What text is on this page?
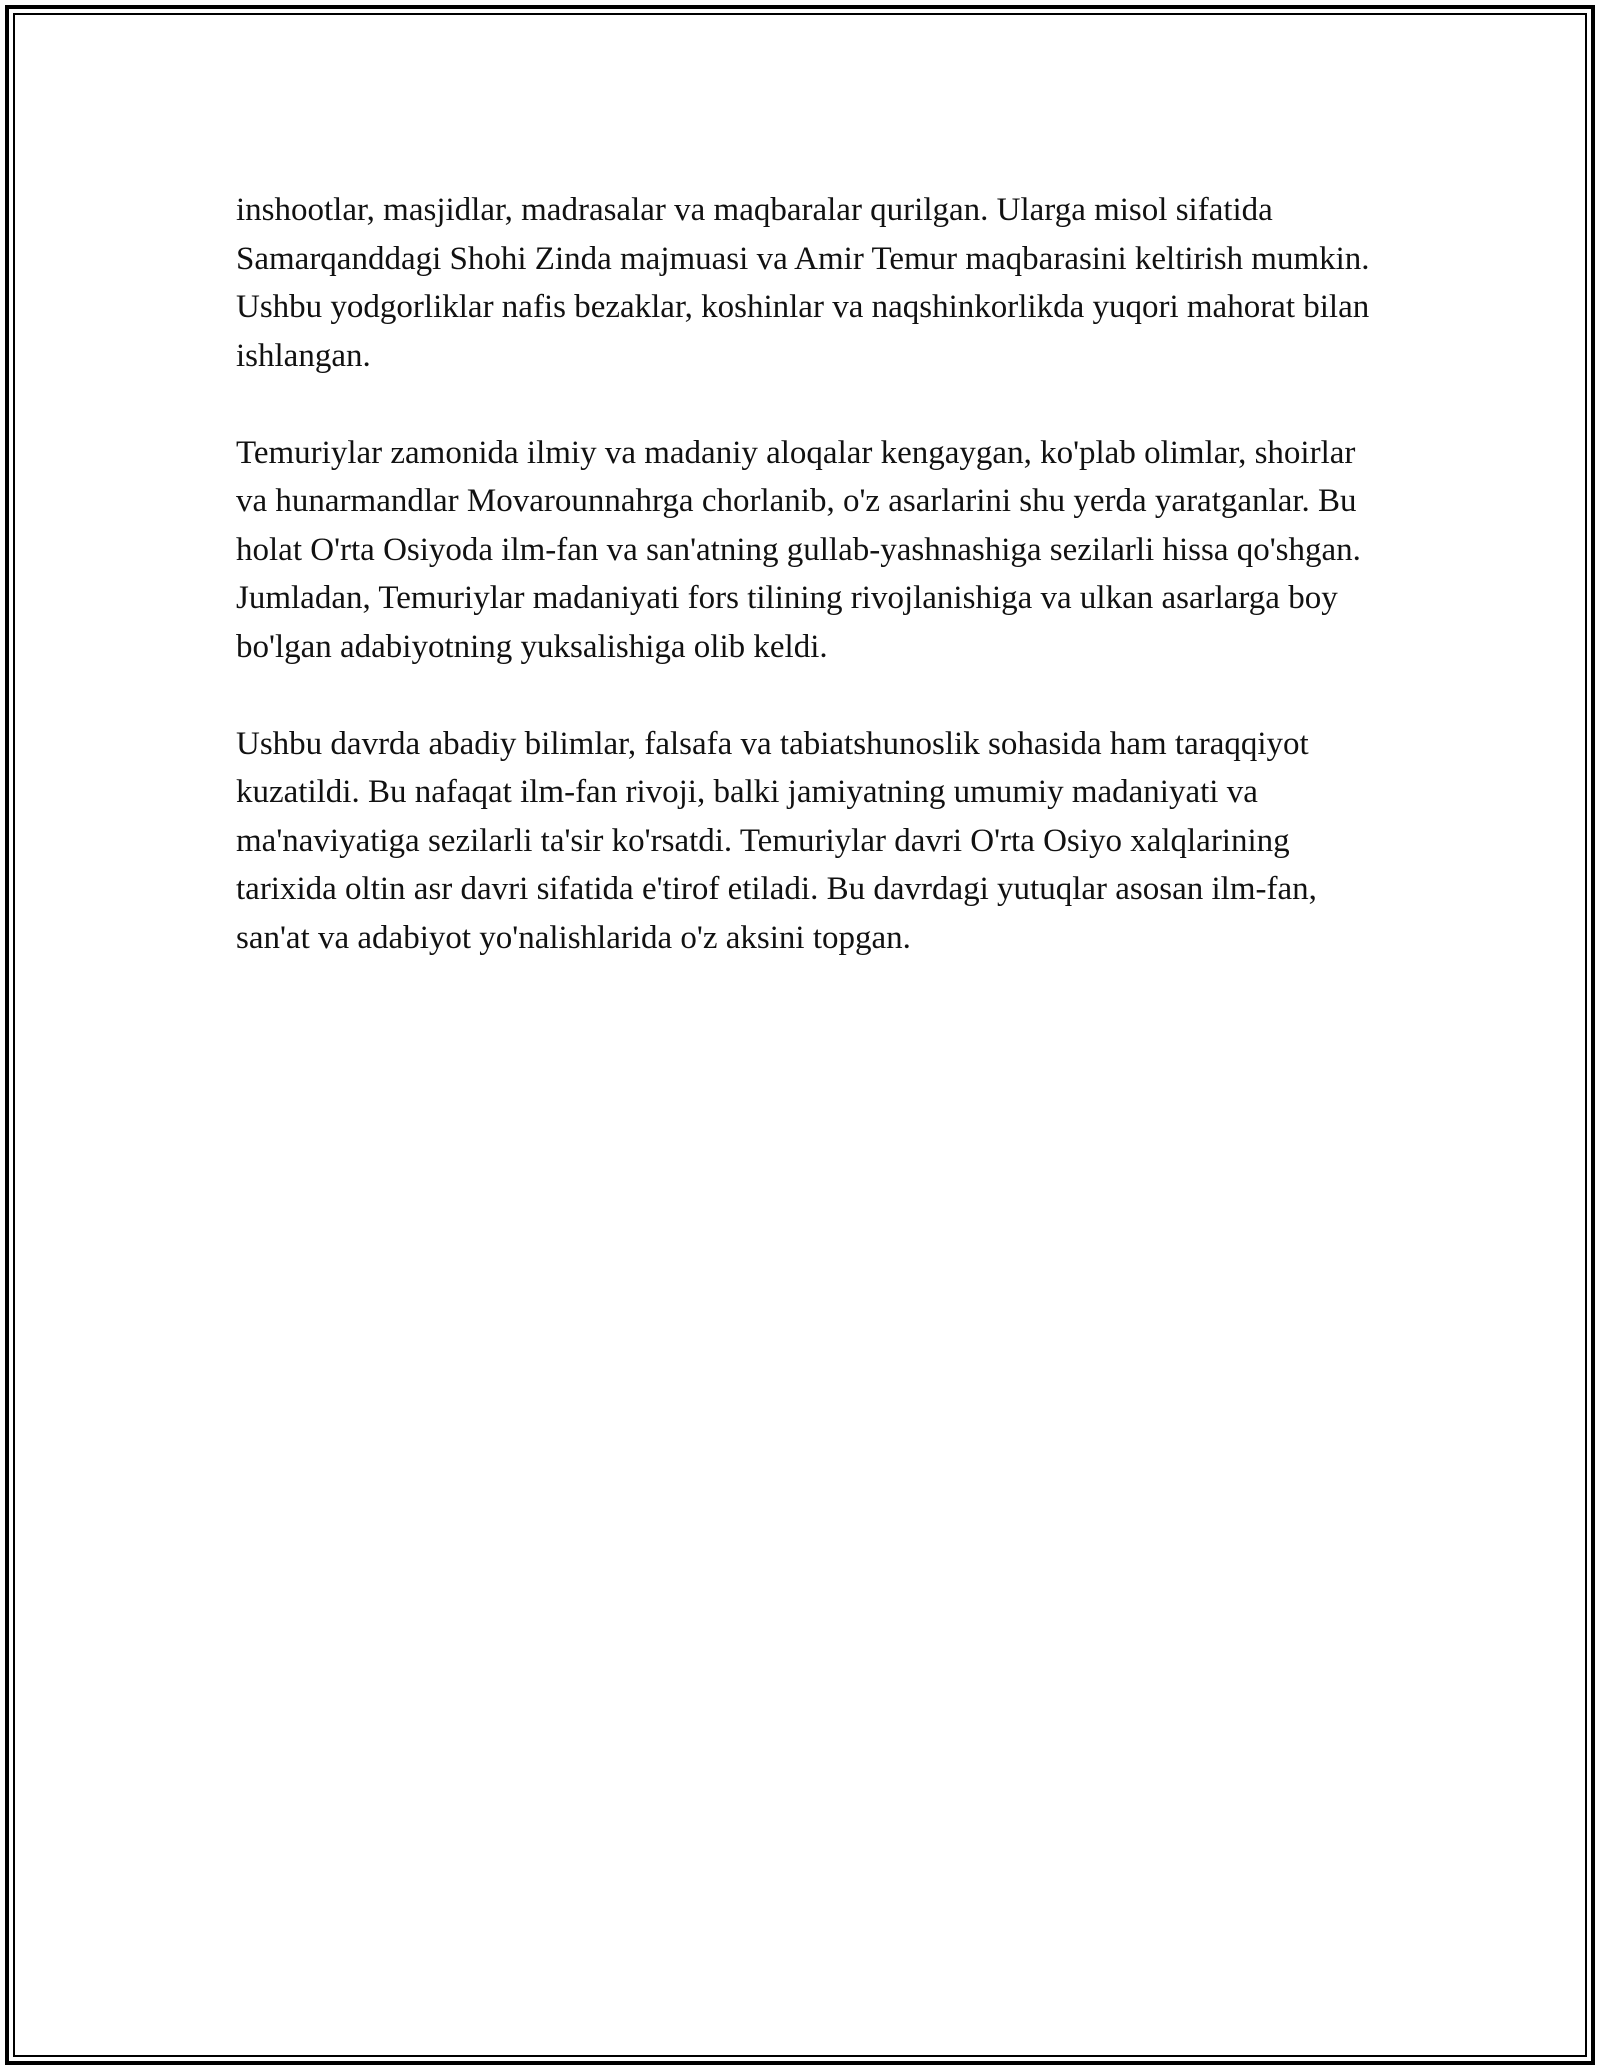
inshootlar, masjidlar, madrasalar va maqbaralar qurilgan. Ularga misol sifatida Samarqanddagi Shohi Zinda majmuasi va Amir Temur maqbarasini keltirish mumkin. Ushbu yodgorliklar nafis bezaklar, koshinlar va naqshinkorlikda yuqori mahorat bilan ishlangan.

Temuriylar zamonida ilmiy va madaniy aloqalar kengaygan, ko'plab olimlar, shoirlar va hunarmandlar Movarounnahrga chorlanib, o'z asarlarini shu yerda yaratganlar. Bu holat O'rta Osiyoda ilm-fan va san'atning gullab-yashnashiga sezilarli hissa qo'shgan. Jumladan, Temuriylar madaniyati fors tilining rivojlanishiga va ulkan asarlarga boy bo'lgan adabiyotning yuksalishiga olib keldi.

Ushbu davrda abadiy bilimlar, falsafa va tabiatshunoslik sohasida ham taraqqiyot kuzatildi. Bu nafaqat ilm-fan rivoji, balki jamiyatning umumiy madaniyati va ma'naviyatiga sezilarli ta'sir ko'rsatdi. Temuriylar davri O'rta Osiyo xalqlarining tarixida oltin asr davri sifatida e'tirof etiladi. Bu davrdagi yutuqlar asosan ilm-fan, san'at va adabiyot yo'nalishlarida o'z aksini topgan.
